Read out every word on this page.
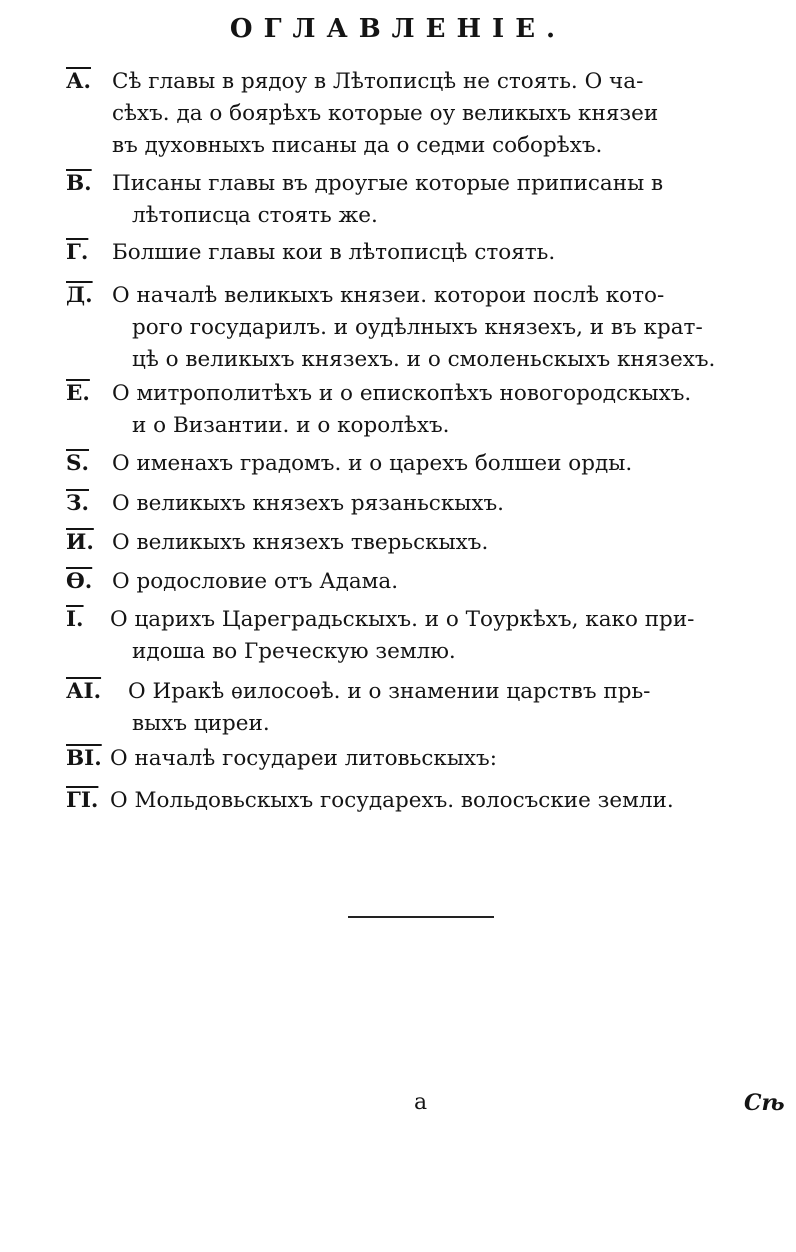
ОГЛАВЛЕНІЕ.
А. Сѣ главы в рядоу в Лѣтописцѣ не стоять. О ча-
сѣхъ. да о боярѣхъ которые оу великыхъ князеи
въ духовныхъ писаны да о седми соборѣхъ.
В. Писаны главы въ дроугые которые приписаны в
лѣтописца стоять же.
Г.	Болшие главы кои в лѣтописцѣ стоять.
Д. О началѣ великыхъ князеи. которои послѣ кото-
рого государилъ. и оудѣлныхъ князехъ, и въ крат-
цѣ о великыхъ князехъ. и о смоленьскыхъ князехъ.
Е.	О митрополитѣхъ и о епископѣхъ новогородскыхъ.
и о Византии. и о королѣхъ.
Ѕ.	О именахъ градомъ. и о царехъ болшеи орды.
З.	О великыхъ князехъ рязаньскыхъ.
И. О великыхъ князехъ тверьскыхъ.
Ѳ. О родословие отъ Адама.
І.	О царихъ Цареградьскыхъ. и о Тоуркѣхъ, како при-
идоша во Греческую землю.
АІ.	О Иракѣ ѳилосоѳѣ. и о знамении царствъ прь-
выхъ циреи.
ВІ. О началѣ государеи литовьскыхъ:
ГІ. О Мольдовьскыхъ государехъ. волосъские земли.

а	Сѣ
